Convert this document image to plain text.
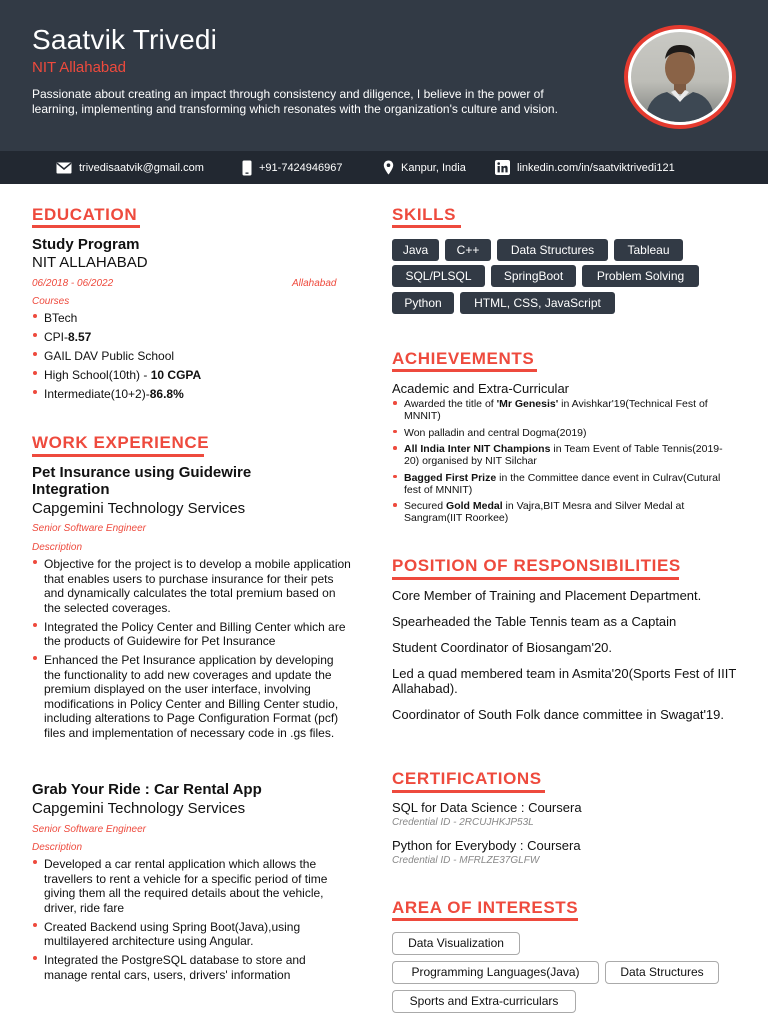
Saatvik Trivedi
NIT Allahabad
Passionate about creating an impact through consistency and diligence, I believe in the power of learning, implementing and transforming which resonates with the organization's culture and vision.
trivedisaatvik@gmail.com	+91-7424946967	Kanpur, India	linkedin.com/in/saatviktrivedi121
EDUCATION
Study Program
NIT ALLAHABAD
06/2018 - 06/2022	Allahabad
Courses
BTech
CPI-8.57
GAIL DAV Public School
High School(10th) - 10 CGPA
Intermediate(10+2)-86.8%
WORK EXPERIENCE
Pet Insurance using Guidewire Integration
Capgemini Technology Services
Senior Software Engineer
Description
Objective for the project is to develop a mobile application that enables users to purchase insurance for their pets and dynamically calculates the total premium based on the selected coverages.
Integrated the Policy Center and Billing Center which are the products of Guidewire for Pet Insurance
Enhanced the Pet Insurance application by developing the functionality to add new coverages and update the premium displayed on the user interface, involving modifications in Policy Center and Billing Center studio, including alterations to Page Configuration Format (pcf) files and implementation of necessary code in .gs files.
Grab Your Ride : Car Rental App
Capgemini Technology Services
Senior Software Engineer
Description
Developed a car rental application which allows the travellers to rent a vehicle for a specific period of time giving them all the required details about the vehicle, driver, ride fare
Created Backend using Spring Boot(Java),using multilayered architecture using Angular.
Integrated the PostgreSQL database to store and manage rental cars, users, drivers' information
SKILLS
Java	C++	Data Structures	Tableau
SQL/PLSQL	SpringBoot	Problem Solving
Python	HTML, CSS, JavaScript
ACHIEVEMENTS
Academic and Extra-Curricular
Awarded the title of 'Mr Genesis' in Avishkar'19(Technical Fest of MNNIT)
Won palladin and central Dogma(2019)
All India Inter NIT Champions in Team Event of Table Tennis(2019-20) organised by NIT Silchar
Bagged First Prize in the Committee dance event in Culrav(Cutural fest of MNNIT)
Secured Gold Medal in Vajra,BIT Mesra and Silver Medal at Sangram(IIT Roorkee)
POSITION OF RESPONSIBILITIES
Core Member of Training and Placement Department.
Spearheaded the Table Tennis team as a Captain
Student Coordinator of Biosangam'20.
Led a quad membered team in Asmita'20(Sports Fest of IIIT Allahabad).
Coordinator of South Folk dance committee in Swagat'19.
CERTIFICATIONS
SQL for Data Science : Coursera
Credential ID - 2RCUJHKJP53L
Python for Everybody : Coursera
Credential ID - MFRLZE37GLFW
AREA OF INTERESTS
Data Visualization
Programming Languages(Java)	Data Structures
Sports and Extra-curriculars
